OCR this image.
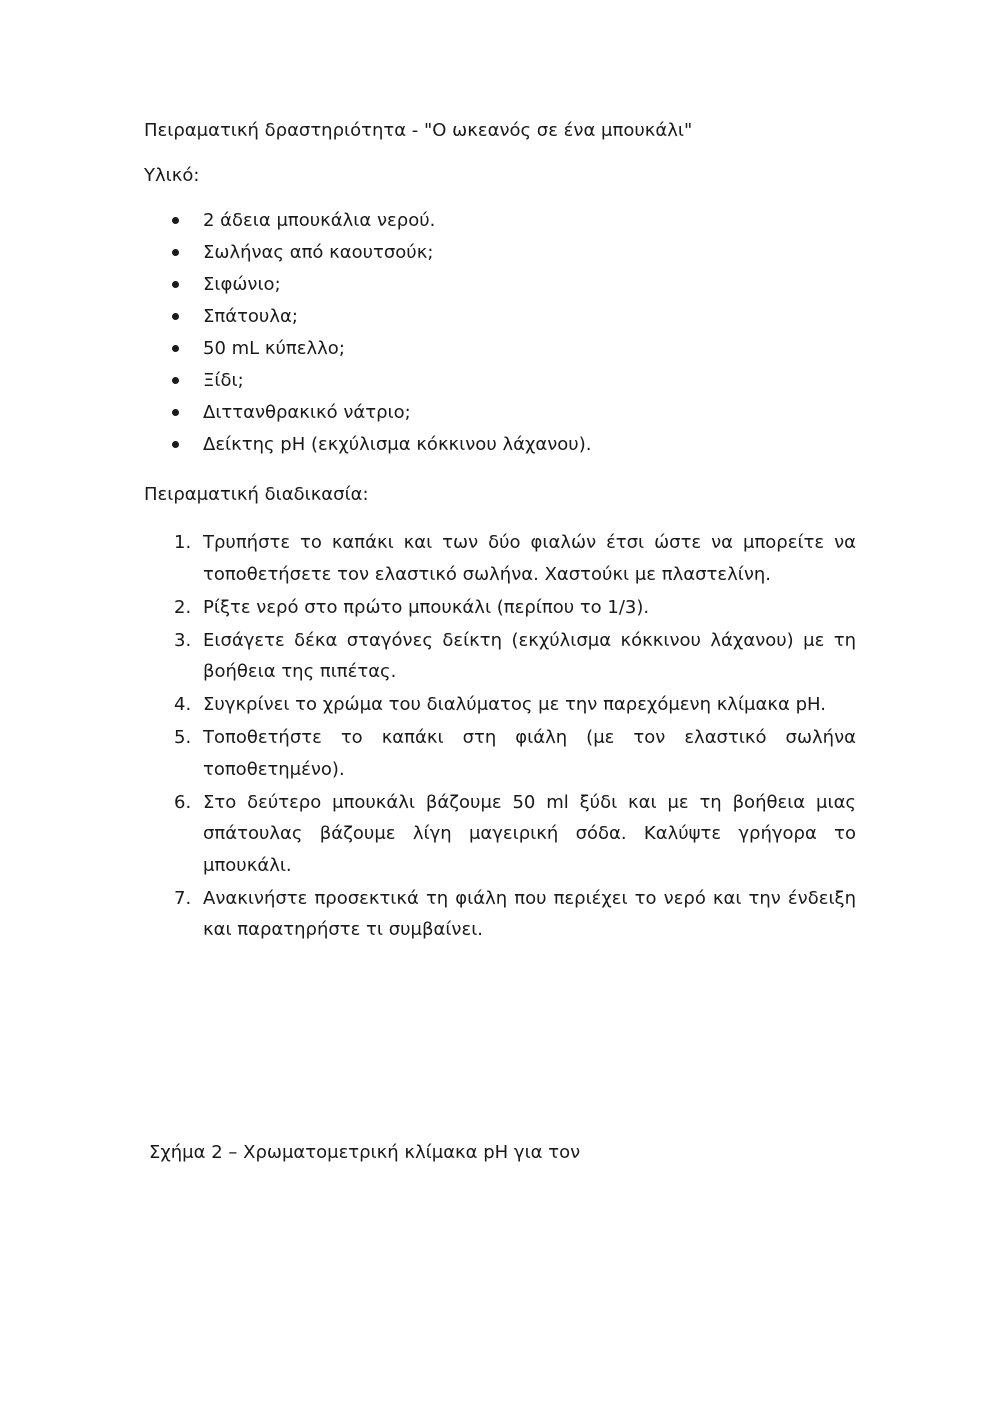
Πειραματική δραστηριότητα - "Ο ωκεανός σε ένα μπουκάλι"

Υλικό:

2 άδεια μπουκάλια νερού.
Σωλήνας από καουτσούκ;
Σιφώνιο;
Σπάτουλα;
50 mL κύπελλο;
Ξίδι;
Διττανθρακικό νάτριο;
Δείκτης pH (εκχύλισμα κόκκινου λάχανου).

Πειραματική διαδικασία:

1. Τρυπήστε το καπάκι και των δύο φιαλών έτσι ώστε να μπορείτε να τοποθετήσετε τον ελαστικό σωλήνα. Χαστούκι με πλαστελίνη.
2. Ρίξτε νερό στο πρώτο μπουκάλι (περίπου το 1/3).
3. Εισάγετε δέκα σταγόνες δείκτη (εκχύλισμα κόκκινου λάχανου) με τη βοήθεια της πιπέτας.
4. Συγκρίνει το χρώμα του διαλύματος με την παρεχόμενη κλίμακα pH.
5. Τοποθετήστε το καπάκι στη φιάλη (με τον ελαστικό σωλήνα τοποθετημένο).
6. Στο δεύτερο μπουκάλι βάζουμε 50 ml ξύδι και με τη βοήθεια μιας σπάτουλας βάζουμε λίγη μαγειρική σόδα. Καλύψτε γρήγορα το μπουκάλι.
7. Ανακινήστε προσεκτικά τη φιάλη που περιέχει το νερό και την ένδειξη και παρατηρήστε τι συμβαίνει.

Σχήμα 2 – Χρωματομετρική κλίμακα pH για τον
